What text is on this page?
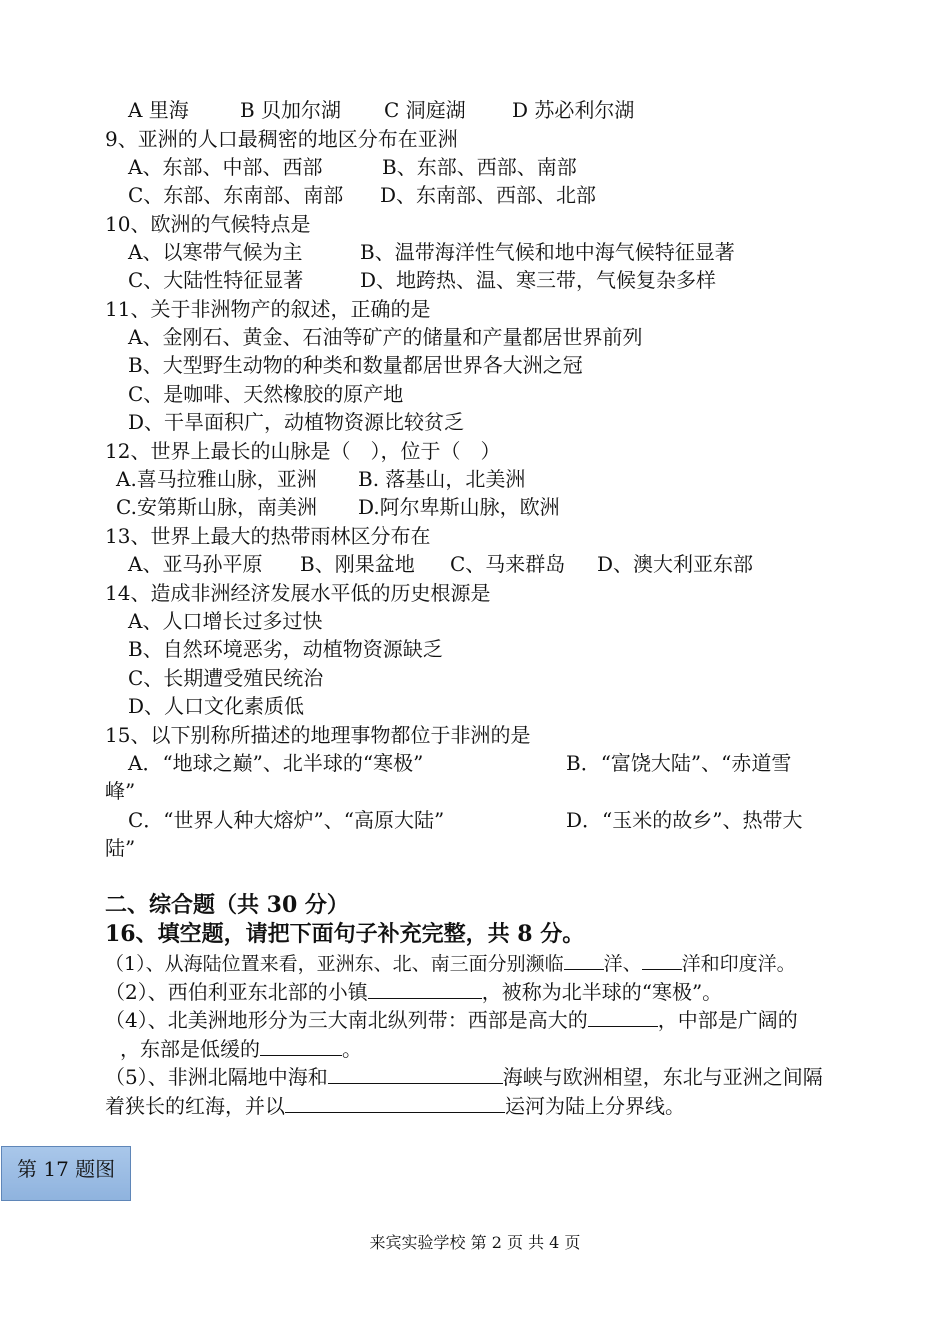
A 里海	B 贝加尔湖 C 洞庭湖 D 苏必利尔湖
9、亚洲的人口最稠密的地区分布在亚洲
A、东部、中部、西部	B、东部、西部、南部
C、东部、东南部、南部 D、东南部、西部、北部
10、欧洲的气候特点是
A、以寒带气候为主	B、温带海洋性气候和地中海气候特征显著
C、大陆性特征显著	D、地跨热、温、寒三带，气候复杂多样
11、关于非洲物产的叙述，正确的是
A、金刚石、黄金、石油等矿产的储量和产量都居世界前列
B、大型野生动物的种类和数量都居世界各大洲之冠
C、是咖啡、天然橡胶的原产地
D、干旱面积广，动植物资源比较贫乏
12、世界上最长的山脉是（　），位于（　）
A.喜马拉雅山脉，亚洲 B. 落基山，北美洲
C.安第斯山脉，南美洲 D.阿尔卑斯山脉，欧洲
13、世界上最大的热带雨林区分布在
A、亚马孙平原 B、刚果盆地 C、马来群岛 D、澳大利亚东部
14、造成非洲经济发展水平低的历史根源是
A、人口增长过多过快
B、自然环境恶劣，动植物资源缺乏
C、长期遭受殖民统治
D、人口文化素质低
15、以下别称所描述的地理事物都位于非洲的是
A．“地球之巅”、北半球的“寒极”	B．“富饶大陆”、“赤道雪
峰”
C．“世界人种大熔炉”、“高原大陆”	D．“玉米的故乡”、热带大
陆”
二、综合题（共 30 分）
16、填空题，请把下面句子补充完整，共 8 分。
（1）、从海陆位置来看，亚洲东、北、南三面分别濒临 洋、 洋和印度洋。
（2）、西伯利亚东北部的小镇	，被称为北半球的“寒极”。
（4）、北美洲地形分为三大南北纵列带：西部是高大的	，中部是广阔的
，东部是低缓的	。
（5）、非洲北隔地中海和	海峡与欧洲相望，东北与亚洲之间隔
着狭长的红海，并以	运河为陆上分界线。
第 17 题图
来宾实验学校 第 2 页 共 4 页
